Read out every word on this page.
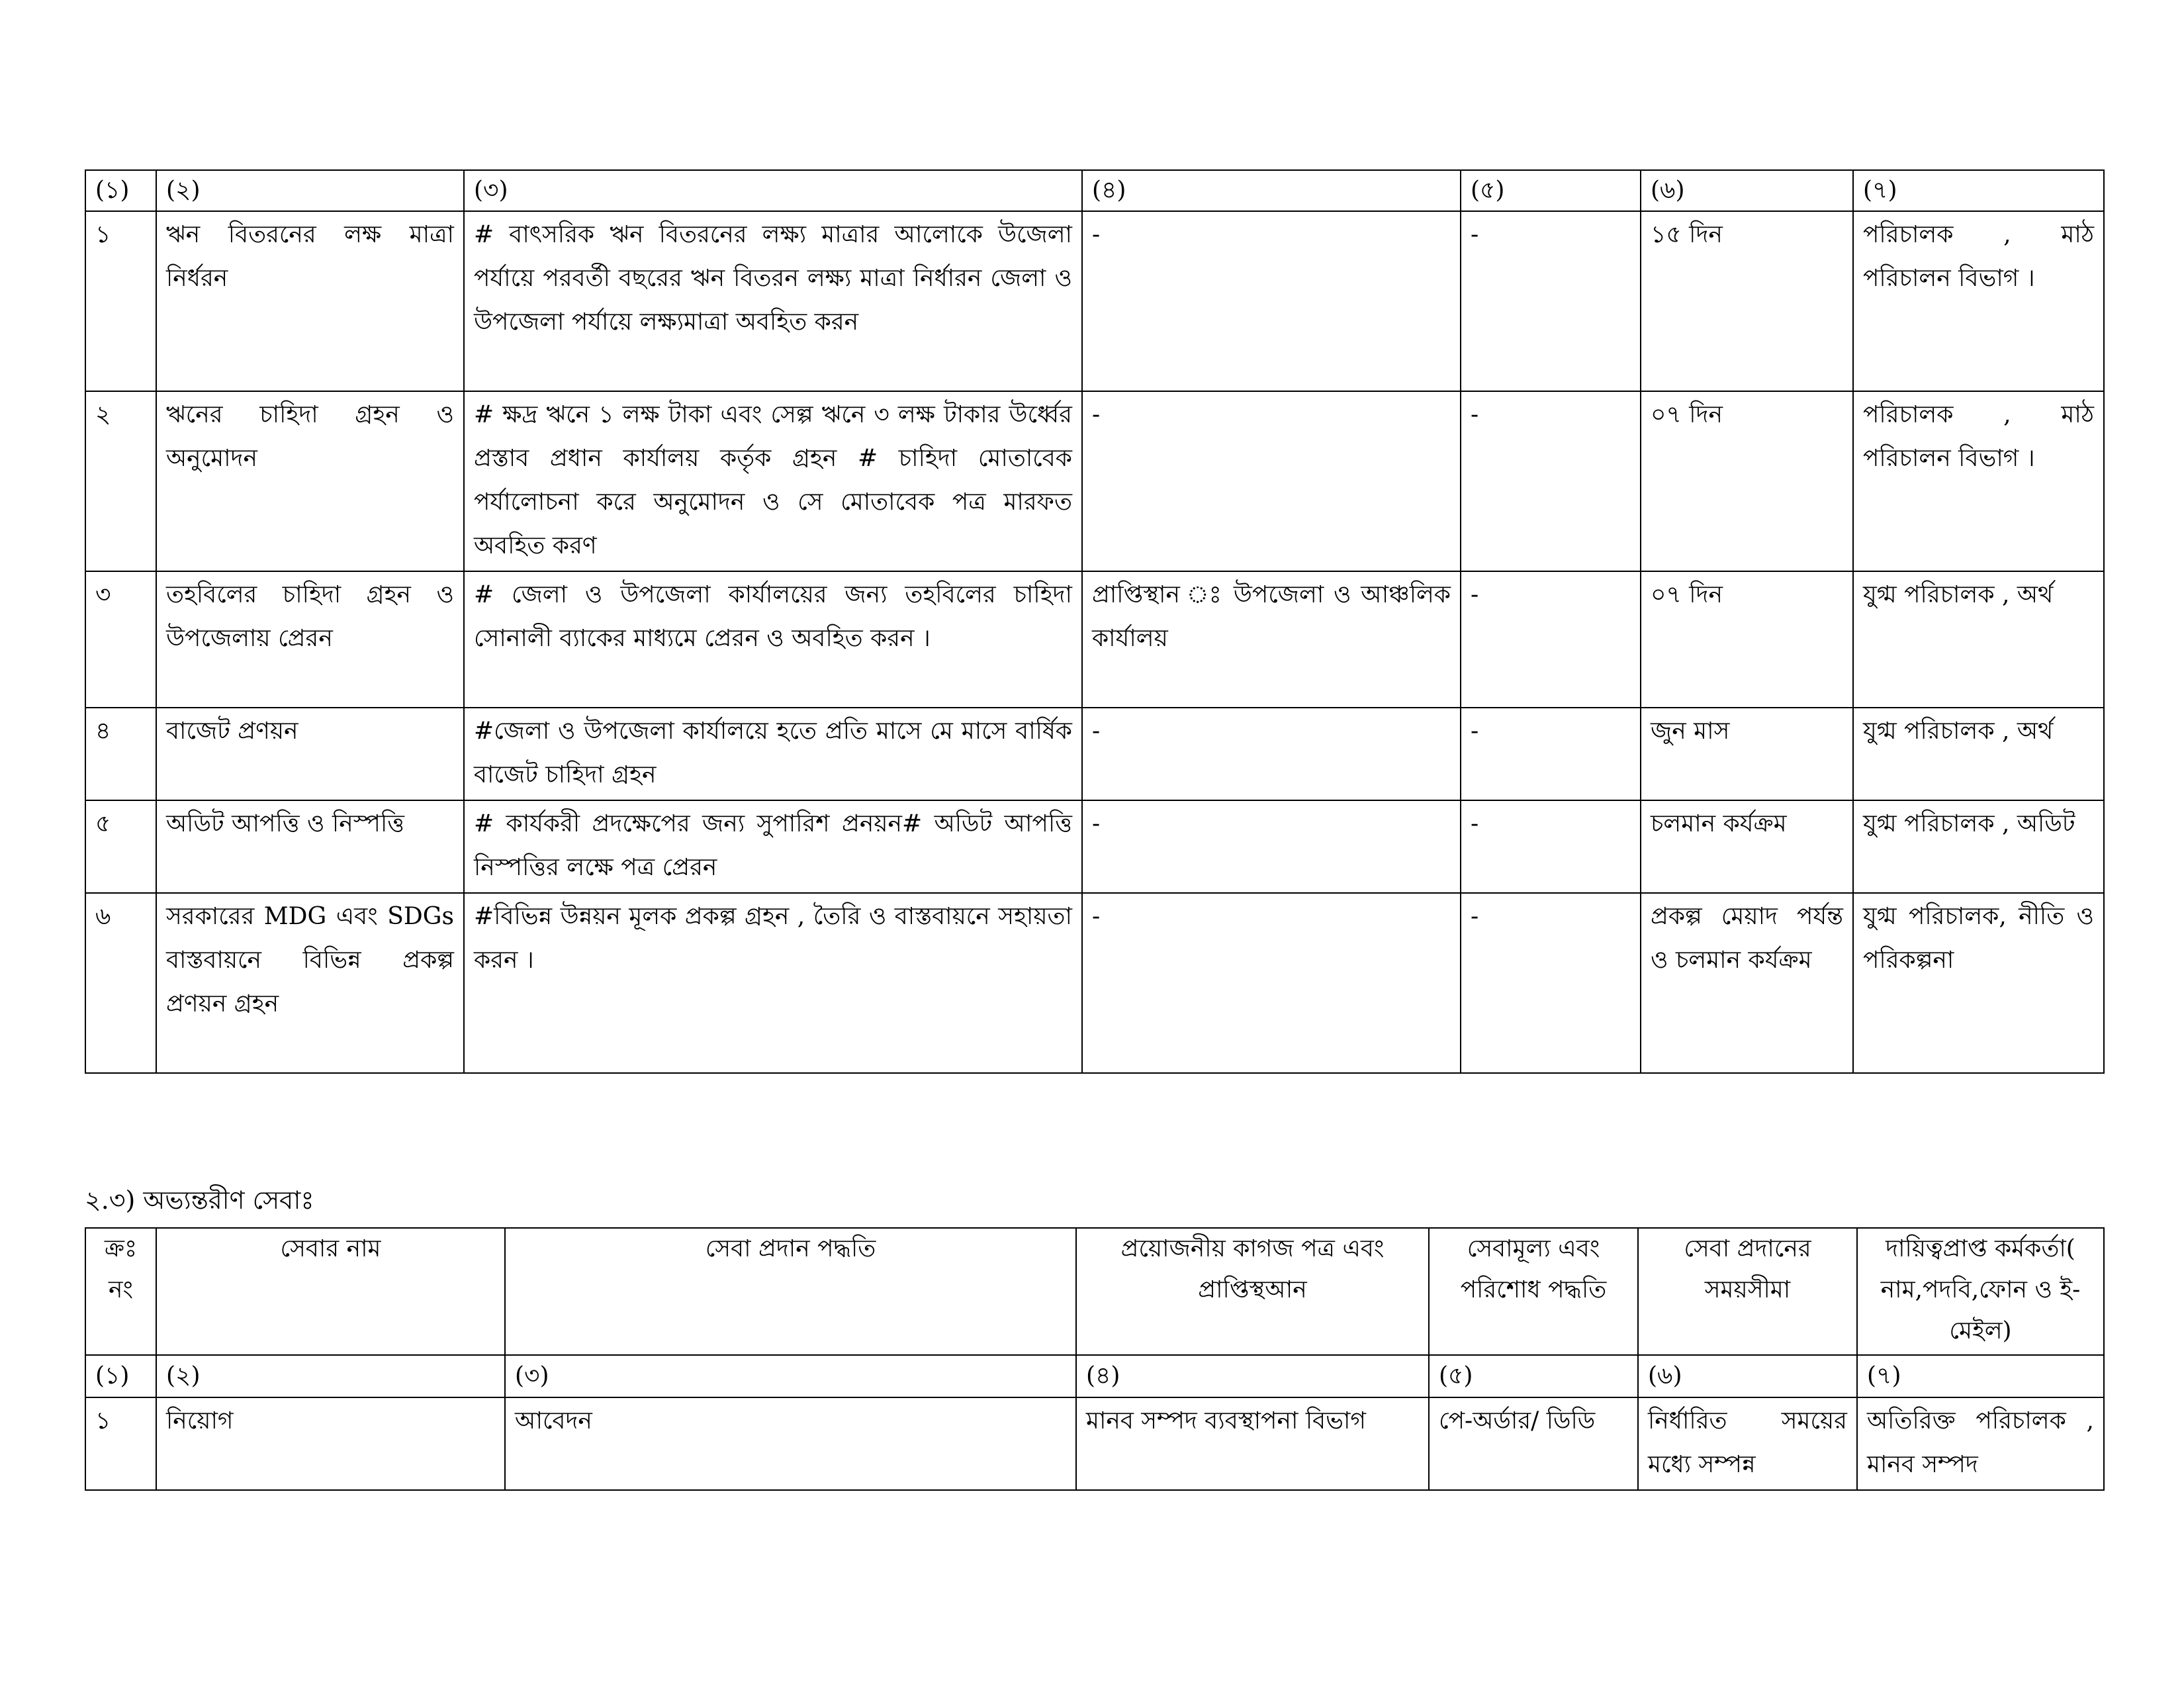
(১)	(২)	(৩)	(৪)	(৫)	(৬)	(৭)
১	ঋন বিতরনের লক্ষ মাত্রা নির্ধরন	# বাৎসরিক ঋন বিতরনের লক্ষ্য মাত্রার আলোকে উজেলা পর্যায়ে পরবর্তী বছরের ঋন বিতরন লক্ষ্য মাত্রা নির্ধারন জেলা ও উপজেলা পর্যায়ে লক্ষ্যমাত্রা অবহিত করন	-	-	১৫ দিন	পরিচালক , মাঠ পরিচালন বিভাগ ।
২	ঋনের চাহিদা গ্রহন ও অনুমোদন	# ক্ষদ্র ঋনে ১ লক্ষ টাকা এবং সেল্প ঋনে ৩ লক্ষ টাকার উর্ধ্বের প্রস্তাব প্রধান কার্যালয় কর্তৃক গ্রহন # চাহিদা মোতাবেক পর্যালোচনা করে অনুমোদন ও সে মোতাবেক পত্র মারফত অবহিত করণ	-	-	০৭ দিন	পরিচালক , মাঠ পরিচালন বিভাগ ।
৩	তহবিলের চাহিদা গ্রহন ও উপজেলায় প্রেরন	# জেলা ও উপজেলা কার্যালয়ের জন্য তহবিলের চাহিদা সোনালী ব্যাকের মাধ্যমে প্রেরন ও অবহিত করন ।	প্রাপ্তিস্থান ঃ উপজেলা ও আঞ্চলিক কার্যালয়	-	০৭ দিন	যুগ্ম পরিচালক , অর্থ
৪	বাজেট প্রণয়ন	#জেলা ও উপজেলা কার্যালয়ে হতে প্রতি মাসে মে মাসে বার্ষিক বাজেট চাহিদা গ্রহন	-	-	জুন মাস	যুগ্ম পরিচালক , অর্থ
৫	অডিট আপত্তি ও নিস্পত্তি	# কার্যকরী প্রদক্ষেপের জন্য সুপারিশ প্রনয়ন# অডিট আপত্তি নিস্পত্তির লক্ষে পত্র প্রেরন	-	-	চলমান কর্যক্রম	যুগ্ম পরিচালক , অডিট
৬	সরকারের MDG এবং SDGs বাস্তবায়নে বিভিন্ন প্রকল্প প্রণয়ন গ্রহন	#বিভিন্ন উন্নয়ন মূলক প্রকল্প গ্রহন , তৈরি ও বাস্তবায়নে সহায়তা করন ।	-	-	প্রকল্প মেয়াদ পর্যন্ত ও চলমান কর্যক্রম	যুগ্ম পরিচালক, নীতি ও পরিকল্পনা
২.৩) অভ্যন্তরীণ সেবাঃ
ক্রঃ নং	সেবার নাম	সেবা প্রদান পদ্ধতি	প্রয়োজনীয় কাগজ পত্র এবং প্রাপ্তিস্থআন	সেবামূল্য এবং পরিশোধ পদ্ধতি	সেবা প্রদানের সময়সীমা	দায়িত্বপ্রাপ্ত কর্মকর্তা( নাম,পদবি,ফোন ও ই-মেইল)
(১)	(২)	(৩)	(৪)	(৫)	(৬)	(৭)
১	নিয়োগ	আবেদন	মানব সম্পদ ব্যবস্থাপনা বিভাগ	পে-অর্ডার/ ডিডি	নির্ধারিত সময়ের মধ্যে সম্পন্ন	অতিরিক্ত পরিচালক , মানব সম্পদ
